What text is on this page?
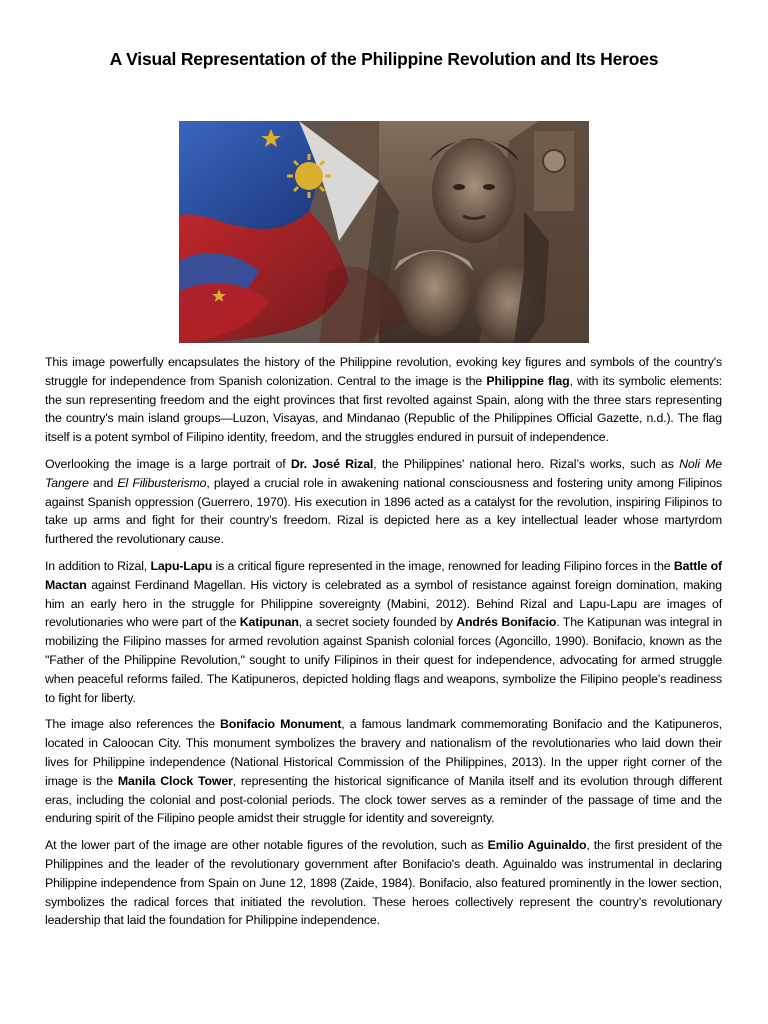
A Visual Representation of the Philippine Revolution and Its Heroes

This image powerfully encapsulates the history of the Philippine revolution, evoking key figures and symbols of the country's struggle for independence from Spanish colonization. Central to the image is the Philippine flag, with its symbolic elements: the sun representing freedom and the eight provinces that first revolted against Spain, along with the three stars representing the country's main island groups—Luzon, Visayas, and Mindanao (Republic of the Philippines Official Gazette, n.d.). The flag itself is a potent symbol of Filipino identity, freedom, and the struggles endured in pursuit of independence.

Overlooking the image is a large portrait of Dr. José Rizal, the Philippines' national hero. Rizal’s works, such as Noli Me Tangere and El Filibusterismo, played a crucial role in awakening national consciousness and fostering unity among Filipinos against Spanish oppression (Guerrero, 1970). His execution in 1896 acted as a catalyst for the revolution, inspiring Filipinos to take up arms and fight for their country’s freedom. Rizal is depicted here as a key intellectual leader whose martyrdom furthered the revolutionary cause.

In addition to Rizal, Lapu-Lapu is a critical figure represented in the image, renowned for leading Filipino forces in the Battle of Mactan against Ferdinand Magellan. His victory is celebrated as a symbol of resistance against foreign domination, making him an early hero in the struggle for Philippine sovereignty (Mabini, 2012). Behind Rizal and Lapu-Lapu are images of revolutionaries who were part of the Katipunan, a secret society founded by Andrés Bonifacio. The Katipunan was integral in mobilizing the Filipino masses for armed revolution against Spanish colonial forces (Agoncillo, 1990). Bonifacio, known as the "Father of the Philippine Revolution," sought to unify Filipinos in their quest for independence, advocating for armed struggle when peaceful reforms failed. The Katipuneros, depicted holding flags and weapons, symbolize the Filipino people's readiness to fight for liberty.

The image also references the Bonifacio Monument, a famous landmark commemorating Bonifacio and the Katipuneros, located in Caloocan City. This monument symbolizes the bravery and nationalism of the revolutionaries who laid down their lives for Philippine independence (National Historical Commission of the Philippines, 2013). In the upper right corner of the image is the Manila Clock Tower, representing the historical significance of Manila itself and its evolution through different eras, including the colonial and post-colonial periods. The clock tower serves as a reminder of the passage of time and the enduring spirit of the Filipino people amidst their struggle for identity and sovereignty.

At the lower part of the image are other notable figures of the revolution, such as Emilio Aguinaldo, the first president of the Philippines and the leader of the revolutionary government after Bonifacio's death. Aguinaldo was instrumental in declaring Philippine independence from Spain on June 12, 1898 (Zaide, 1984). Bonifacio, also featured prominently in the lower section, symbolizes the radical forces that initiated the revolution. These heroes collectively represent the country’s revolutionary leadership that laid the foundation for Philippine independence.
